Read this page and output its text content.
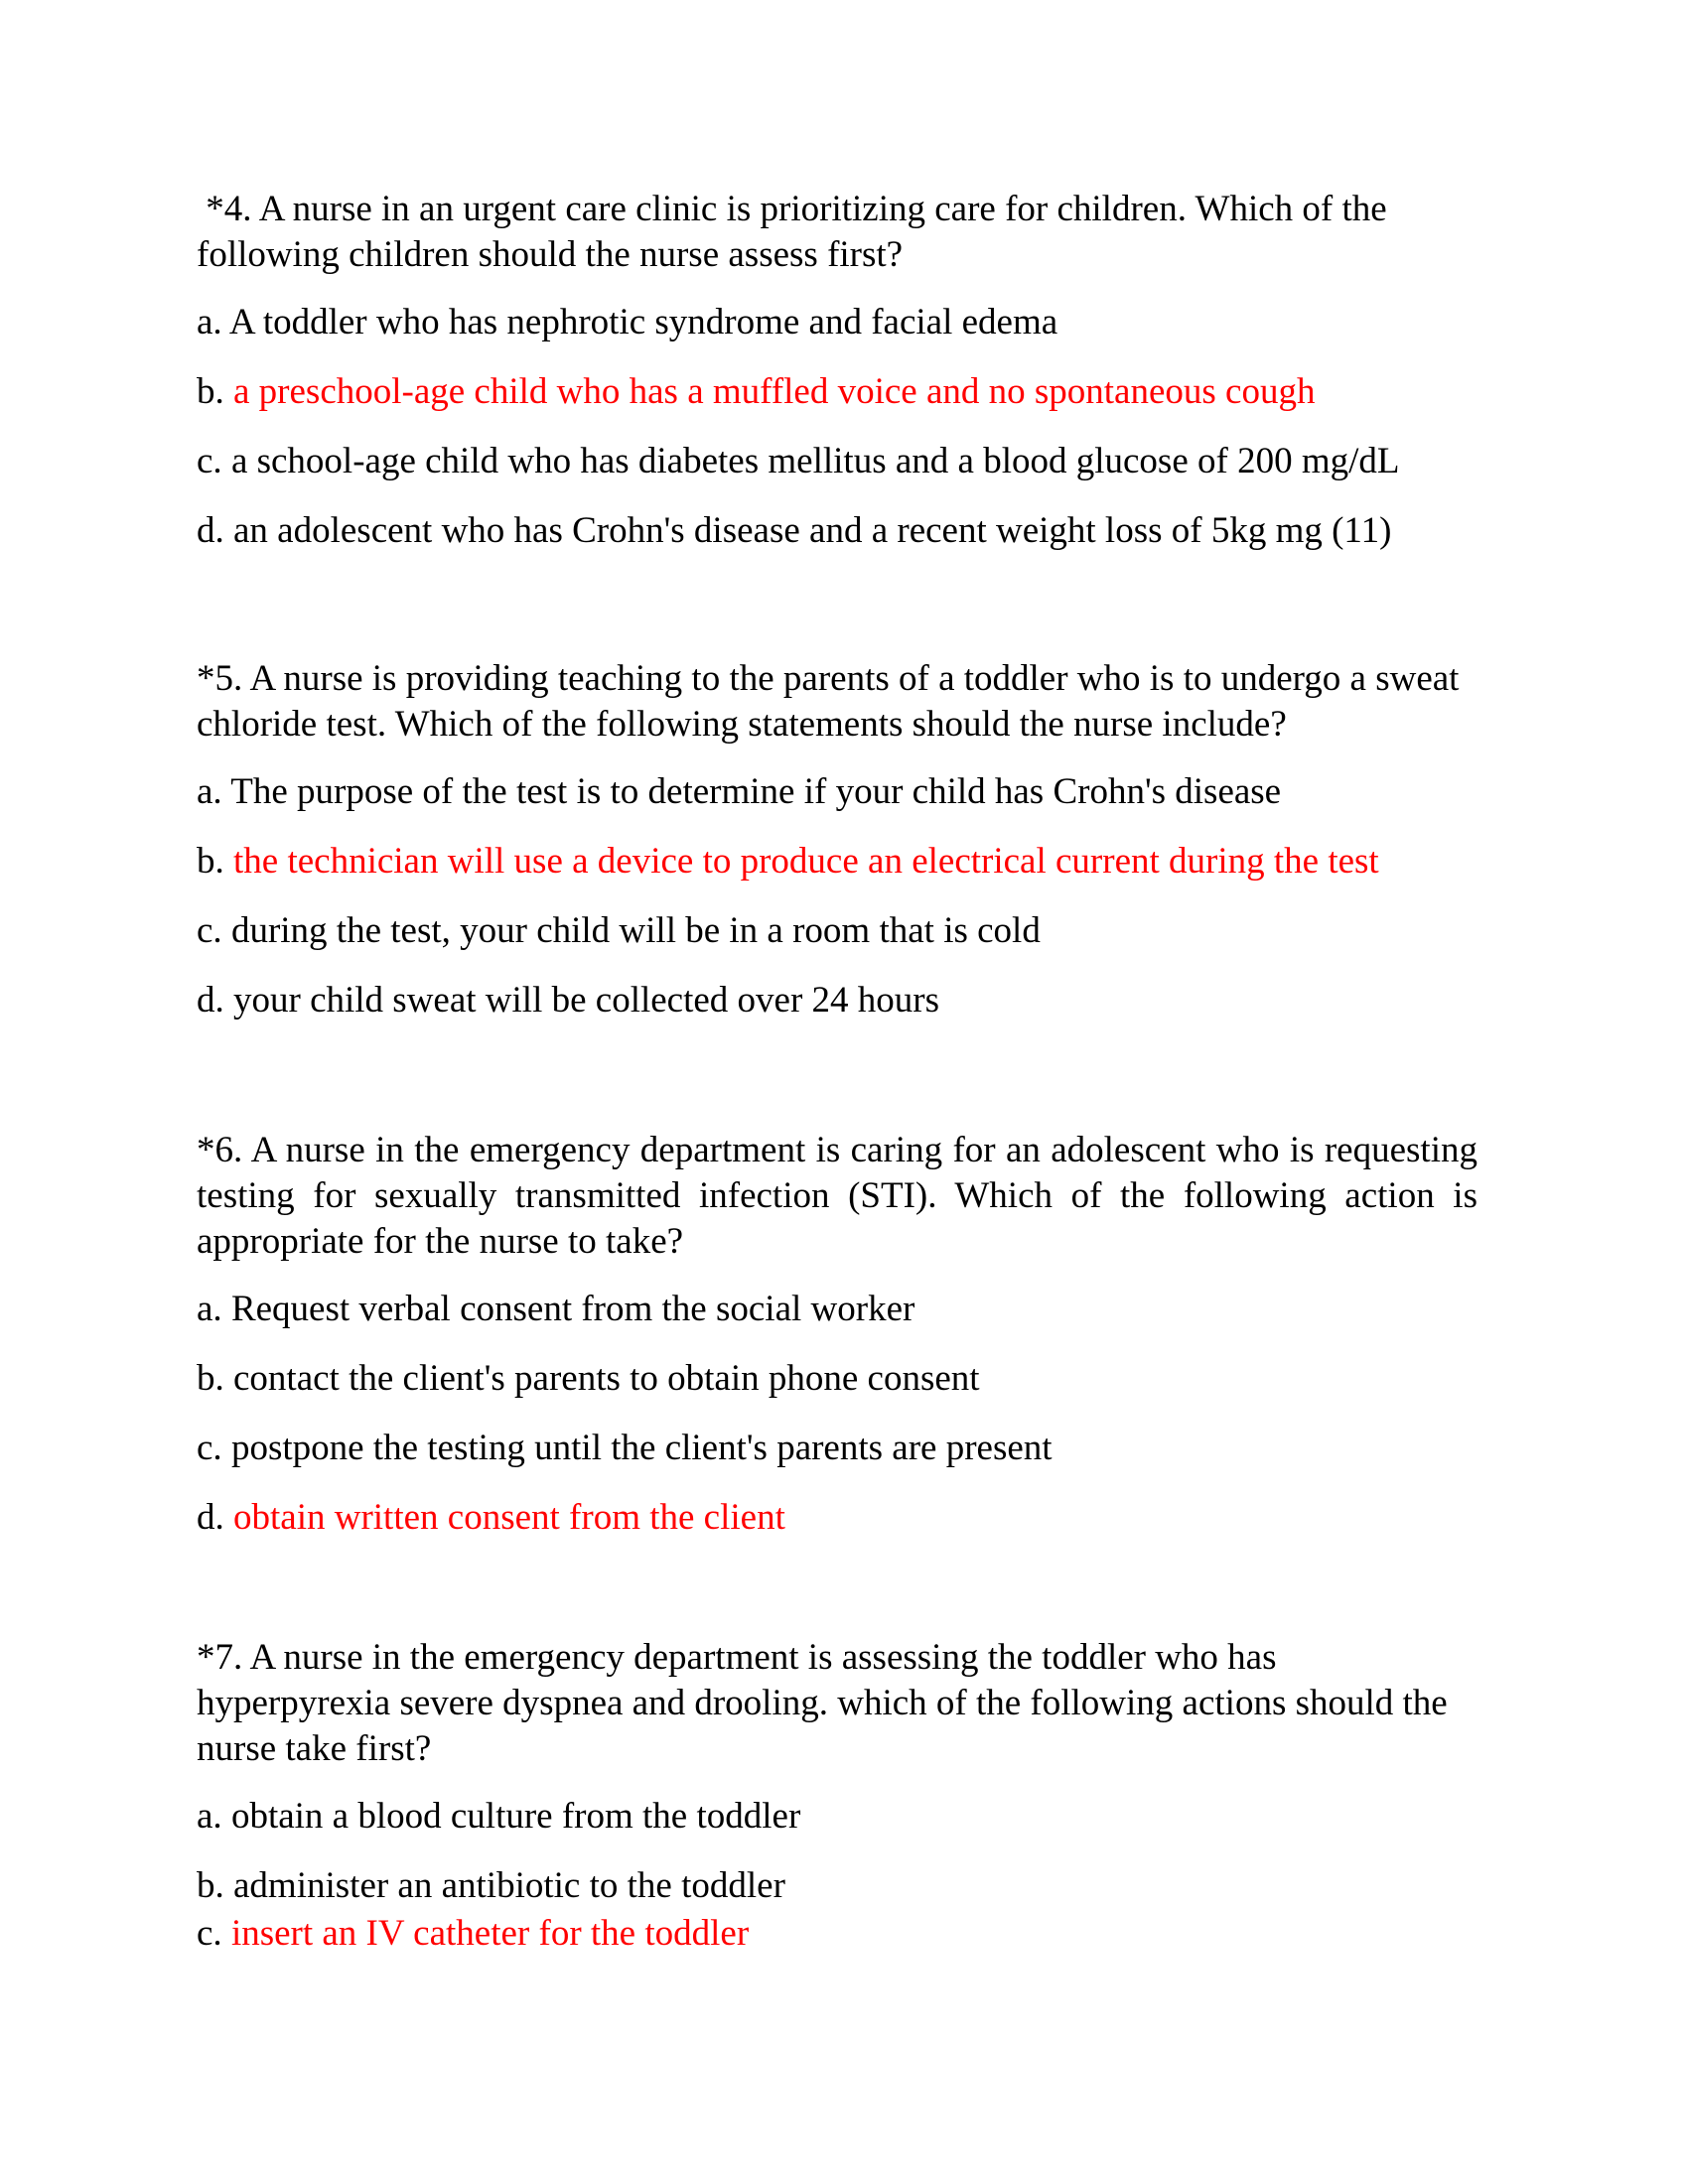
*4. A nurse in an urgent care clinic is prioritizing care for children. Which of the following children should the nurse assess first?

a. A toddler who has nephrotic syndrome and facial edema
b. a preschool-age child who has a muffled voice and no spontaneous cough
c. a school-age child who has diabetes mellitus and a blood glucose of 200 mg/dL
d. an adolescent who has Crohn's disease and a recent weight loss of 5kg mg (11)

*5. A nurse is providing teaching to the parents of a toddler who is to undergo a sweat chloride test. Which of the following statements should the nurse include?

a. The purpose of the test is to determine if your child has Crohn's disease
b. the technician will use a device to produce an electrical current during the test
c. during the test, your child will be in a room that is cold
d. your child sweat will be collected over 24 hours

*6. A nurse in the emergency department is caring for an adolescent who is requesting testing for sexually transmitted infection (STI). Which of the following action is appropriate for the nurse to take?

a. Request verbal consent from the social worker
b. contact the client's parents to obtain phone consent
c. postpone the testing until the client's parents are present
d. obtain written consent from the client

*7. A nurse in the emergency department is assessing the toddler who has hyperpyrexia severe dyspnea and drooling. which of the following actions should the nurse take first?

a. obtain a blood culture from the toddler
b. administer an antibiotic to the toddler
c. insert an IV catheter for the toddler
